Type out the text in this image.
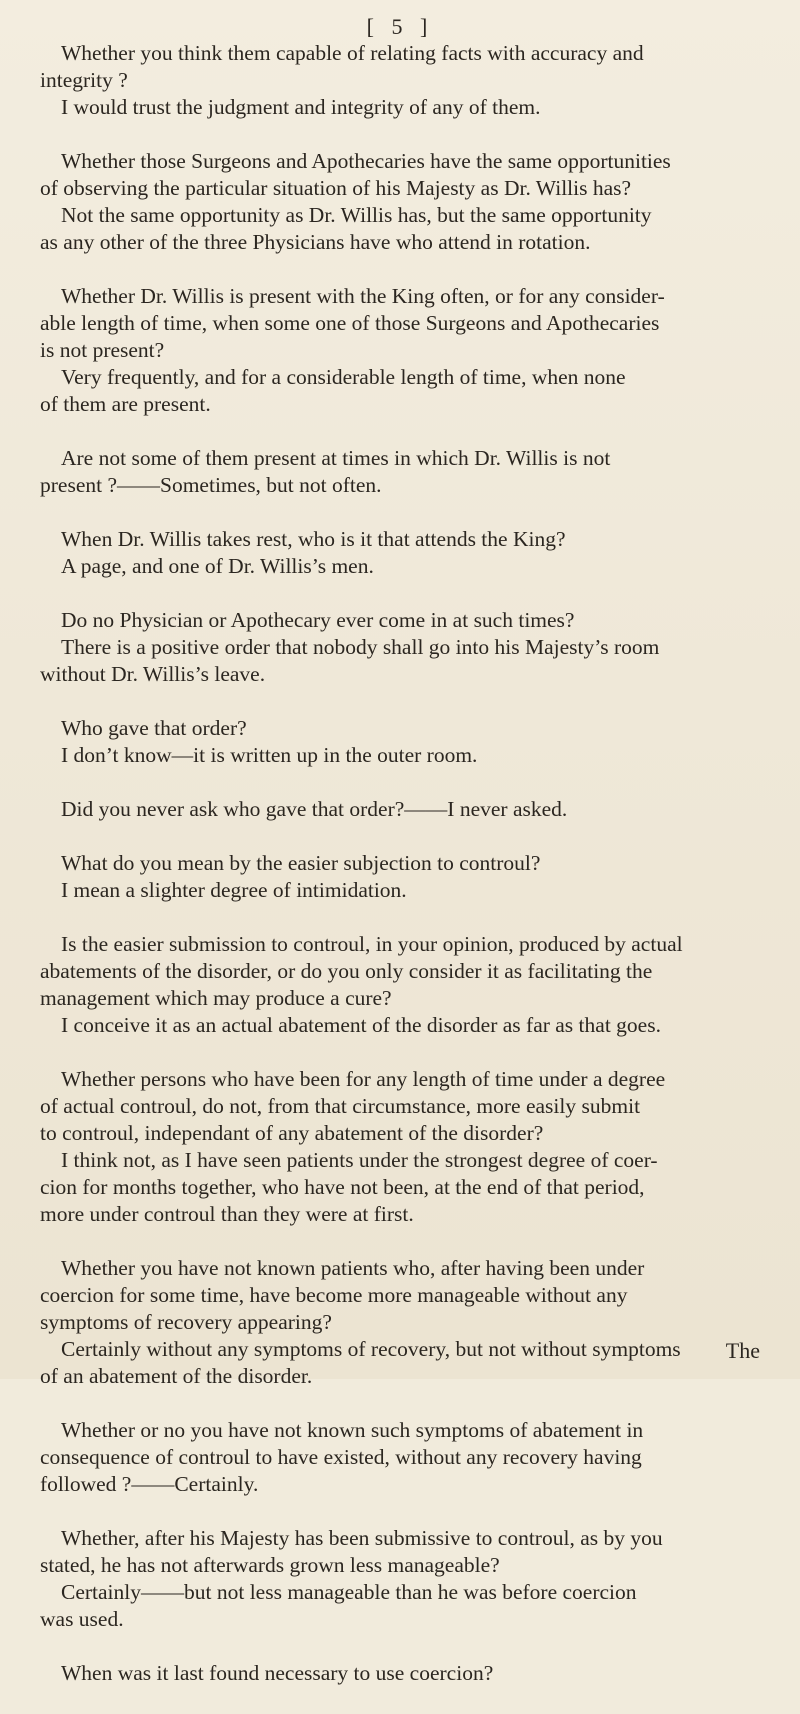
[ 5 ]
Whether you think them capable of relating facts with accuracy and
integrity ?
I would trust the judgment and integrity of any of them.
Whether those Surgeons and Apothecaries have the same opportunities
of observing the particular situation of his Majesty as Dr. Willis has?
Not the same opportunity as Dr. Willis has, but the same opportunity
as any other of the three Physicians have who attend in rotation.
Whether Dr. Willis is present with the King often, or for any consider-
able length of time, when some one of those Surgeons and Apothecaries
is not present?
Very frequently, and for a considerable length of time, when none
of them are present.
Are not some of them present at times in which Dr. Willis is not
present ?——Sometimes, but not often.
When Dr. Willis takes rest, who is it that attends the King?
A page, and one of Dr. Willis’s men.
Do no Physician or Apothecary ever come in at such times?
There is a positive order that nobody shall go into his Majesty’s room
without Dr. Willis’s leave.
Who gave that order?
I don’t know—it is written up in the outer room.
Did you never ask who gave that order?——I never asked.
What do you mean by the easier subjection to controul?
I mean a slighter degree of intimidation.
Is the easier submission to controul, in your opinion, produced by actual
abatements of the disorder, or do you only consider it as facilitating the
management which may produce a cure?
I conceive it as an actual abatement of the disorder as far as that goes.
Whether persons who have been for any length of time under a degree
of actual controul, do not, from that circumstance, more easily submit
to controul, independant of any abatement of the disorder?
I think not, as I have seen patients under the strongest degree of coer-
cion for months together, who have not been, at the end of that period,
more under controul than they were at first.
Whether you have not known patients who, after having been under
coercion for some time, have become more manageable without any
symptoms of recovery appearing?
Certainly without any symptoms of recovery, but not without symptoms
of an abatement of the disorder.
Whether or no you have not known such symptoms of abatement in
consequence of controul to have existed, without any recovery having
followed ?——Certainly.
Whether, after his Majesty has been submissive to controul, as by you
stated, he has not afterwards grown less manageable?
Certainly——but not less manageable than he was before coercion
was used.
When was it last found necessary to use coercion?
The
